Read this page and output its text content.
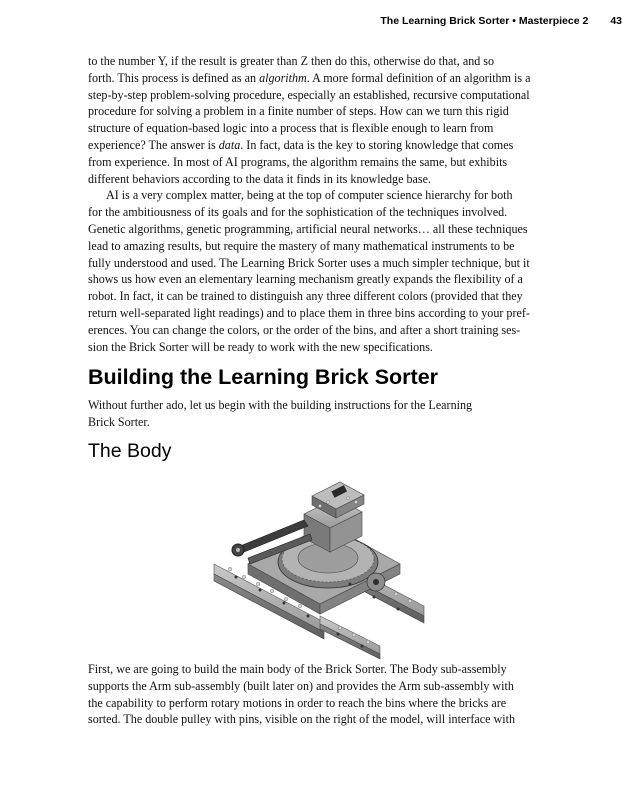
The Learning Brick Sorter • Masterpiece 2 43
to the number Y, if the result is greater than Z then do this, otherwise do that, and so
forth. This process is defined as an algorithm. A more formal definition of an algorithm is a
step-by-step problem-solving procedure, especially an established, recursive computational
procedure for solving a problem in a finite number of steps. How can we turn this rigid
structure of equation-based logic into a process that is flexible enough to learn from
experience? The answer is data. In fact, data is the key to storing knowledge that comes
from experience. In most of AI programs, the algorithm remains the same, but exhibits
different behaviors according to the data it finds in its knowledge base.
AI is a very complex matter, being at the top of computer science hierarchy for both
for the ambitiousness of its goals and for the sophistication of the techniques involved.
Genetic algorithms, genetic programming, artificial neural networks… all these techniques
lead to amazing results, but require the mastery of many mathematical instruments to be
fully understood and used. The Learning Brick Sorter uses a much simpler technique, but it
shows us how even an elementary learning mechanism greatly expands the flexibility of a
robot. In fact, it can be trained to distinguish any three different colors (provided that they
return well-separated light readings) and to place them in three bins according to your pref-
erences. You can change the colors, or the order of the bins, and after a short training ses-
sion the Brick Sorter will be ready to work with the new specifications.
Building the Learning Brick Sorter
Without further ado, let us begin with the building instructions for the Learning
Brick Sorter.
The Body
First, we are going to build the main body of the Brick Sorter. The Body sub-assembly
supports the Arm sub-assembly (built later on) and provides the Arm sub-assembly with
the capability to perform rotary motions in order to reach the bins where the bricks are
sorted. The double pulley with pins, visible on the right of the model, will interface with
